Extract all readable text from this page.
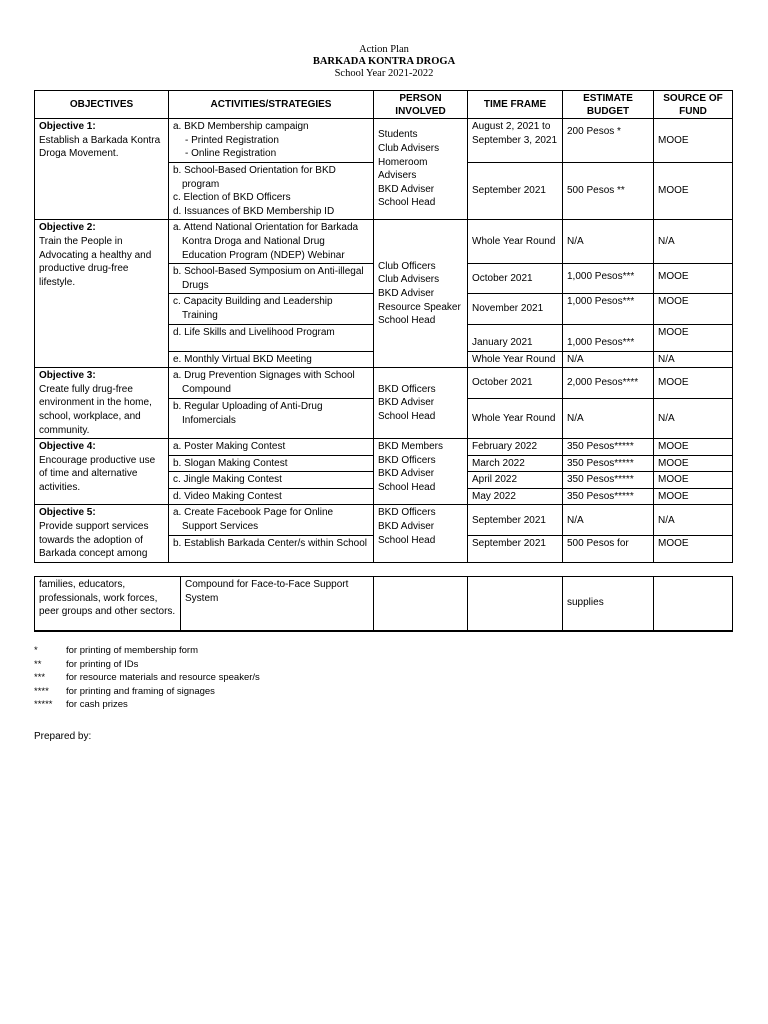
Action Plan
BARKADA KONTRA DROGA
School Year 2021-2022
OBJECTIVES	ACTIVITIES/STRATEGIES	PERSON INVOLVED	TIME FRAME	ESTIMATE BUDGET	SOURCE OF FUND

Objective 1:
Establish a Barkada Kontra Droga Movement.	a. BKD Membership campaign
- Printed Registration
- Online Registration	Students
Club Advisers
Homeroom Advisers
BKD Adviser
School Head	August 2, 2021 to September 3, 2021	200 Pesos *	MOOE

	b. School-Based Orientation for BKD program
c. Election of BKD Officers
d. Issuances of BKD Membership ID		September 2021	500 Pesos **	MOOE

Objective 2:
Train the People in Advocating a healthy and productive drug-free lifestyle.	a. Attend National Orientation for Barkada Kontra Droga and National Drug Education Program (NDEP) Webinar	Club Officers
Club Advisers
BKD Adviser
Resource Speaker
School Head	Whole Year Round	N/A	N/A

	b. School-Based Symposium on Anti-illegal Drugs		October 2021	1,000 Pesos***	MOOE

	c. Capacity Building and Leadership Training		November 2021	1,000 Pesos***	MOOE

	d. Life Skills and Livelihood Program		January 2021	1,000 Pesos***	MOOE

	e. Monthly Virtual BKD Meeting		Whole Year Round	N/A	N/A

Objective 3:
Create fully drug-free environment in the home, school, workplace, and community.	a. Drug Prevention Signages with School Compound	BKD Officers
BKD Adviser
School Head	October 2021	2,000 Pesos****	MOOE

	b. Regular Uploading of Anti-Drug Infomercials		Whole Year Round	N/A	N/A

Objective 4:
Encourage productive use of time and alternative activities.	a. Poster Making Contest	BKD Members
BKD Officers
BKD Adviser
School Head	February 2022	350 Pesos*****	MOOE
	b. Slogan Making Contest		March 2022	350 Pesos*****	MOOE
	c. Jingle Making Contest		April 2022	350 Pesos*****	MOOE
	d. Video Making Contest		May 2022	350 Pesos*****	MOOE

Objective 5:
Provide support services towards the adoption of Barkada concept among	a. Create Facebook Page for Online Support Services	BKD Officers
BKD Adviser
School Head	September 2021	N/A	N/A
	b. Establish Barkada Center/s within School		September 2021	500 Pesos for	MOOE
families, educators, professionals, work forces, peer groups and other sectors.	Compound for Face-to-Face Support System			supplies	
*	for printing of membership form
**	for printing of IDs
***	for resource materials and resource speaker/s
****	for printing and framing of signages
*****	for cash prizes
Prepared by:
